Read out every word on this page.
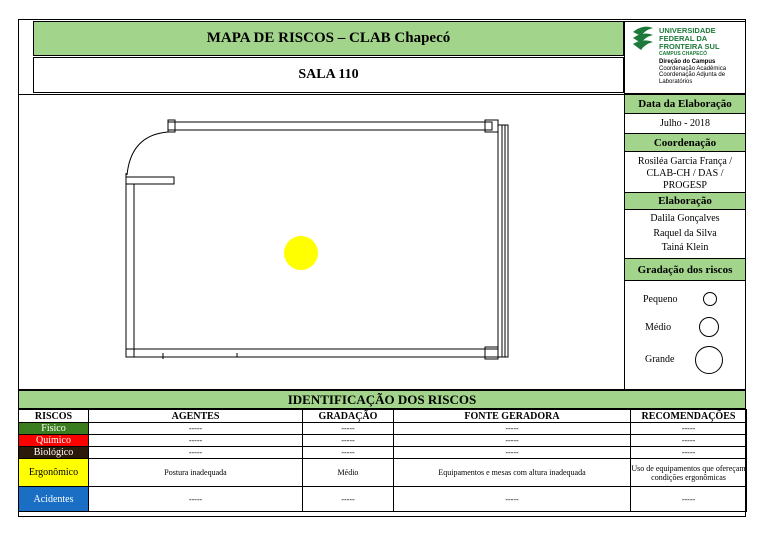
MAPA DE RISCOS – CLAB Chapecó
SALA 110
UNIVERSIDADE
FEDERAL DA
FRONTEIRA SUL
CAMPUS CHAPECÓ
Direção do Campus
Coordenação Acadêmica
Coordenação Adjunta de
Laboratórios
Data da Elaboração
Julho - 2018
Coordenação
Rosiléa Garcia França /
CLAB-CH / DAS /
PROGESP
Elaboração
Dalila Gonçalves
Raquel da Silva
Tainá Klein
Gradação dos riscos
Pequeno
Médio
Grande
IDENTIFICAÇÃO DOS RISCOS
RISCOS	AGENTES	GRADAÇÃO	FONTE GERADORA	RECOMENDAÇÕES
Físico	-----	-----	-----	-----
Químico	-----	-----	-----	-----
Biológico	-----	-----	-----	-----
Ergonômico	Postura inadequada	Médio	Equipamentos e mesas com altura inadequada	Uso de equipamentos que ofereçam condições ergonômicas
Acidentes	-----	-----	-----	-----
